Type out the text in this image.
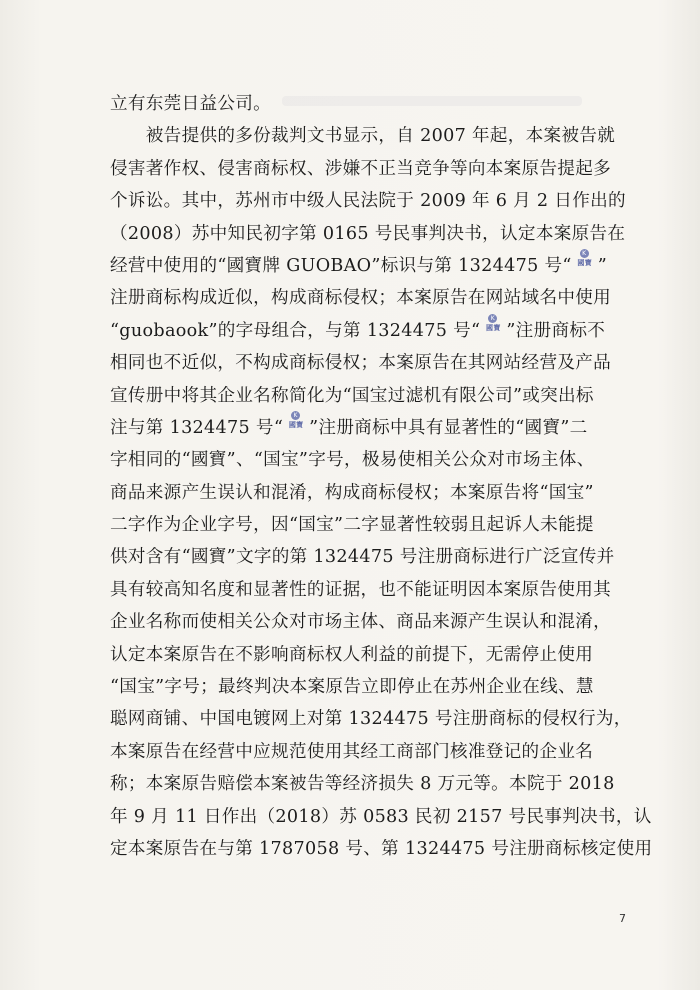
立有东莞日益公司。
　　被告提供的多份裁判文书显示，自 2007 年起，本案被告就
侵害著作权、侵害商标权、涉嫌不正当竞争等向本案原告提起多
个诉讼。其中，苏州市中级人民法院于 2009 年 6 月 2 日作出的
（2008）苏中知民初字第 0165 号民事判决书，认定本案原告在
经营中使用的“國寶牌 GUOBAO”标识与第 1324475 号“
K
國寶 ”
注册商标构成近似，构成商标侵权；本案原告在网站域名中使用
“guobaook”的字母组合，与第 1324475 号“
K
國寶 ”注册商标不
相同也不近似，不构成商标侵权；本案原告在其网站经营及产品
宣传册中将其企业名称简化为“国宝过滤机有限公司”或突出标
注与第 1324475 号“
K
國寶 ”注册商标中具有显著性的“國寶”二
字相同的“國寶”、“国宝”字号，极易使相关公众对市场主体、
商品来源产生误认和混淆，构成商标侵权；本案原告将“国宝”
二字作为企业字号，因“国宝”二字显著性较弱且起诉人未能提
供对含有“國寶”文字的第 1324475 号注册商标进行广泛宣传并
具有较高知名度和显著性的证据，也不能证明因本案原告使用其
企业名称而使相关公众对市场主体、商品来源产生误认和混淆，
认定本案原告在不影响商标权人利益的前提下，无需停止使用
“国宝”字号；最终判决本案原告立即停止在苏州企业在线、慧
聪网商铺、中国电镀网上对第 1324475 号注册商标的侵权行为，
本案原告在经营中应规范使用其经工商部门核准登记的企业名
称；本案原告赔偿本案被告等经济损失 8 万元等。本院于 2018
年 9 月 11 日作出（2018）苏 0583 民初 2157 号民事判决书，认
定本案原告在与第 1787058 号、第 1324475 号注册商标核定使用
7
